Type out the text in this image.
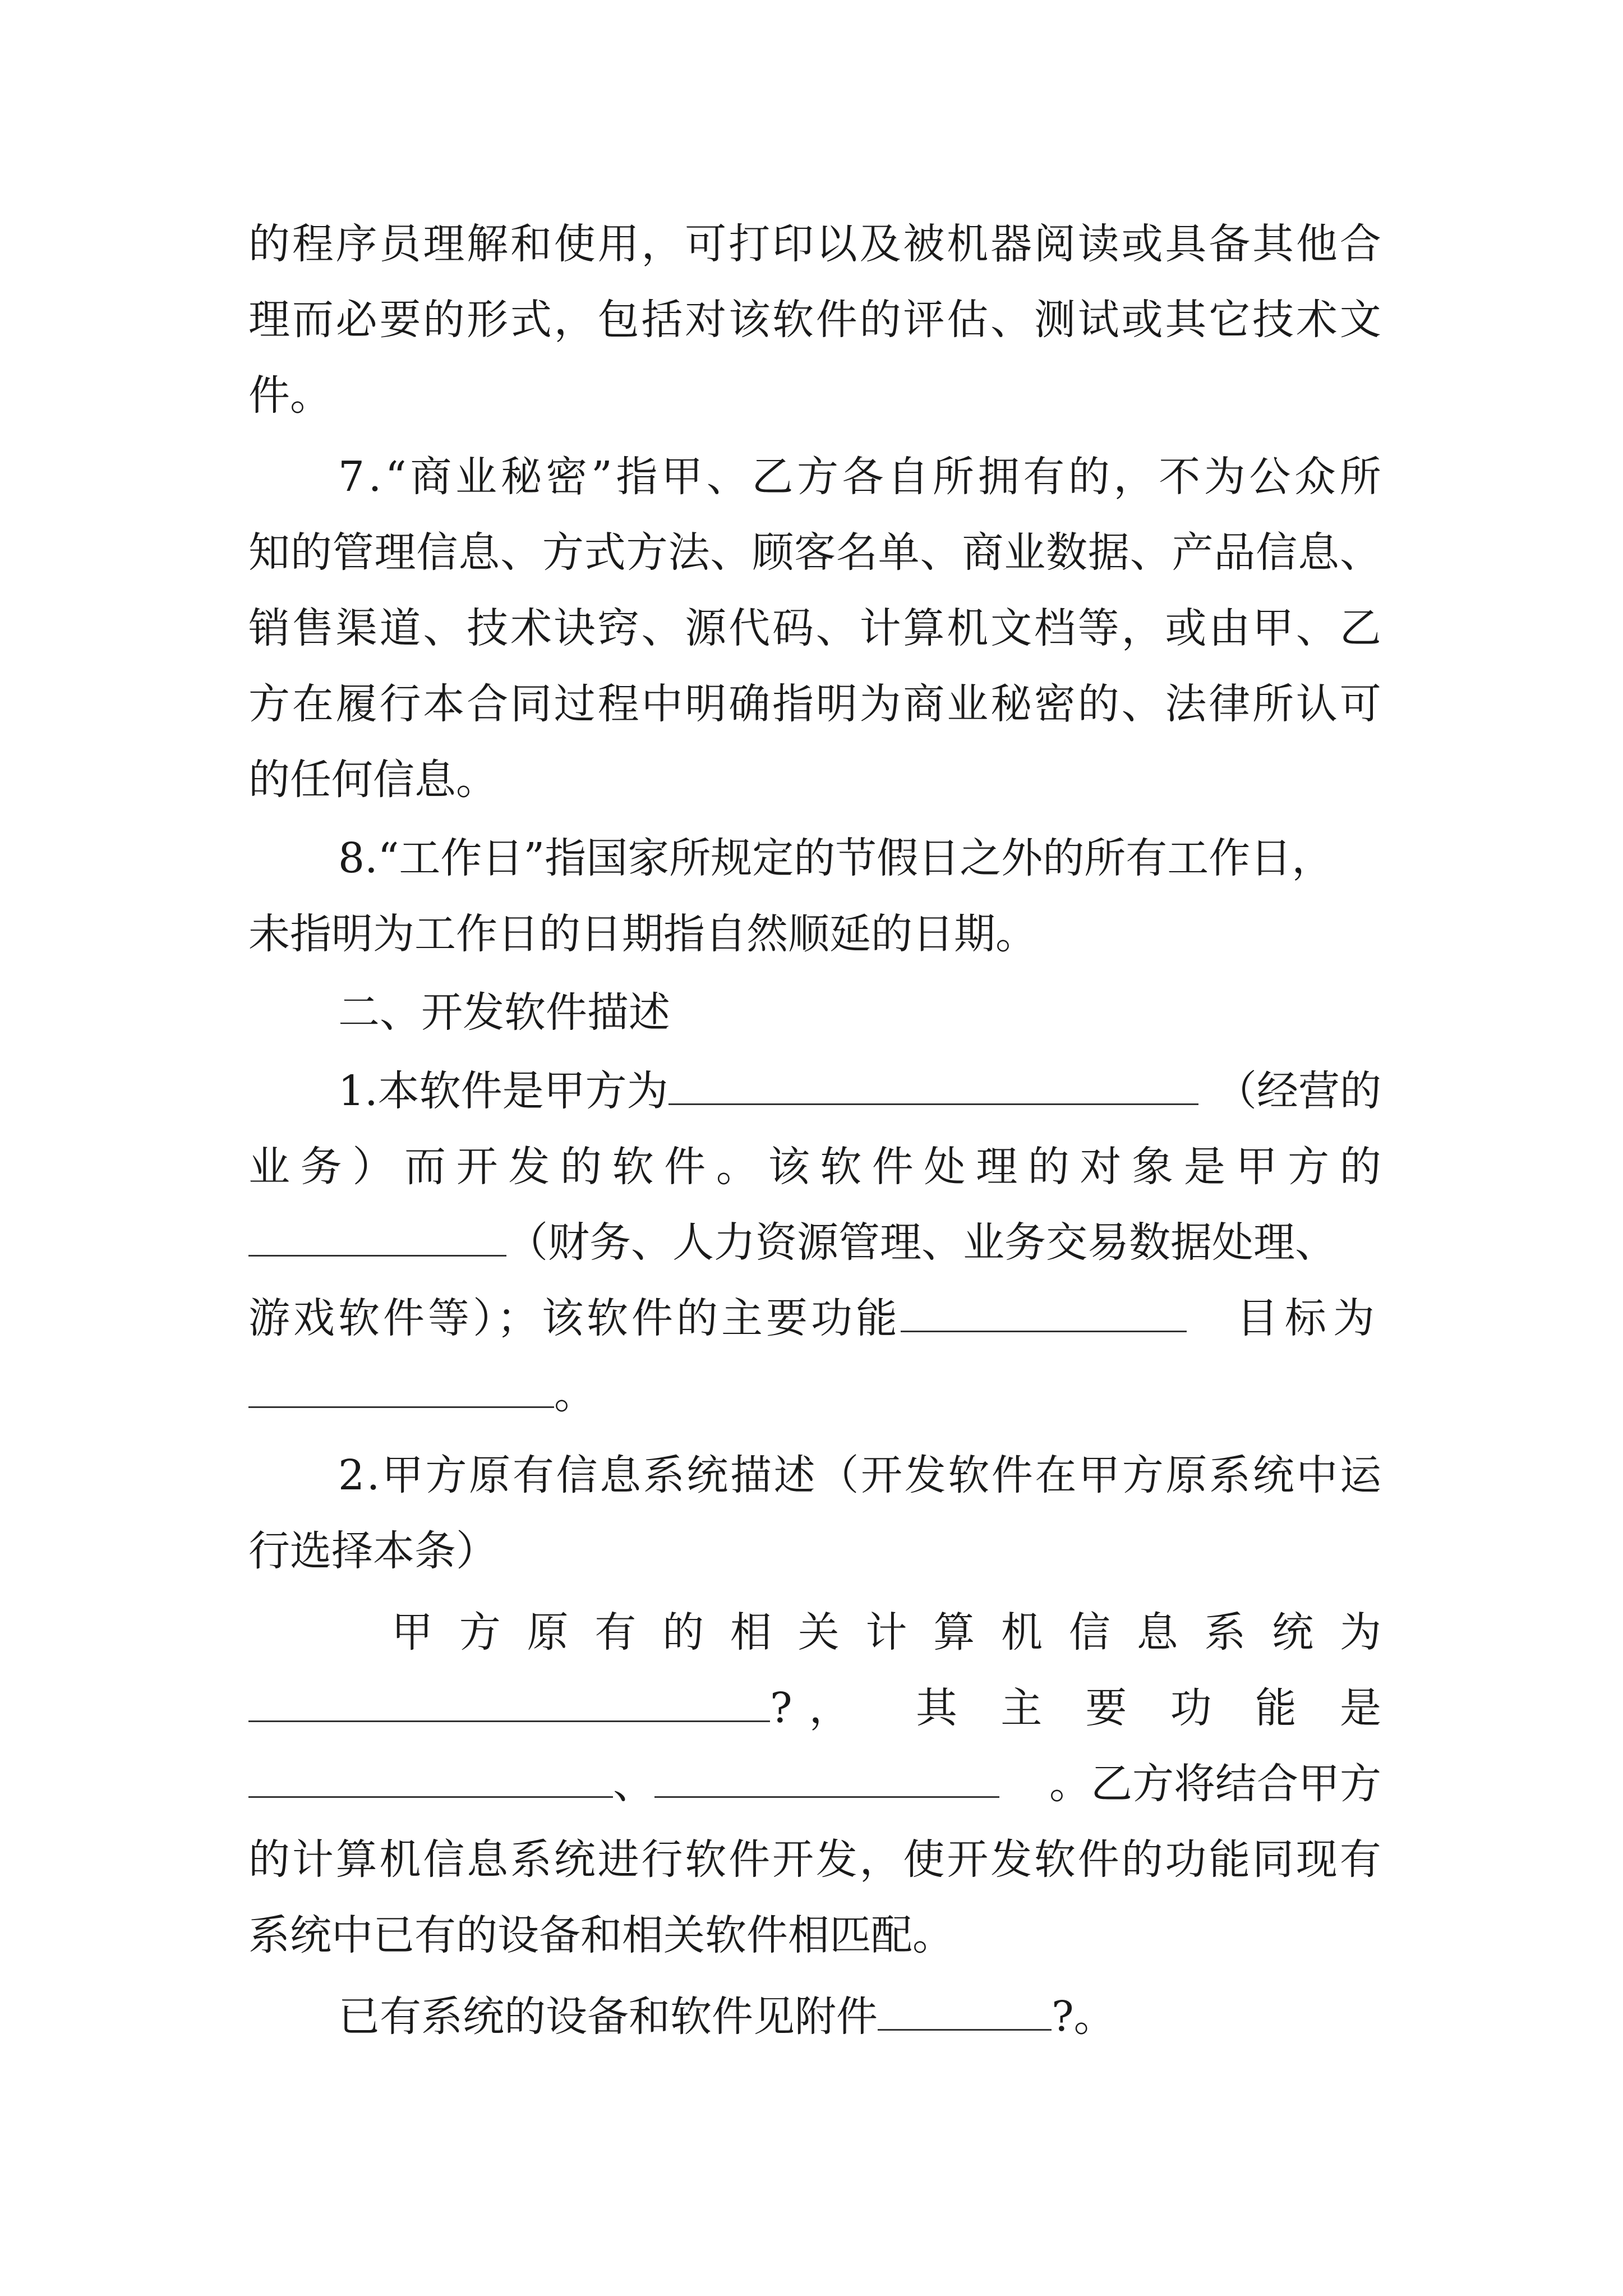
的 程 序 员 理 解 和 使 用 ， 可 打 印 以 及 被 机 器 阅 读 或 具 备 其 他 合
理 而 必 要 的 形 式 ， 包 括 对 该 软 件 的 评 估 、 测 试 或 其 它 技 术 文
件。
7 . “ 商 业 秘 密 ” 指 甲 、 乙 方 各 自 所 拥 有 的 ， 不 为 公 众 所
知 的 管 理 信 息 、 方 式 方 法 、 顾 客 名 单 、 商 业 数 据 、 产 品 信 息 、
销 售 渠 道 、 技 术 诀 窍 、 源 代 码 、 计 算 机 文 档 等 ， 或 由 甲 、 乙
方 在 履 行 本 合 同 过 程 中 明 确 指 明 为 商 业 秘 密 的 、 法 律 所 认 可
的任何信息。
8.“工作日”指国家所规定的节假日之外的所有工作日，
未指明为工作日的日期指自然顺延的日期。
二、开发软件描述
1.本软件是甲方为	（经营的
业 务 ） 而 开 发 的 软 件 。 该 软 件 处 理 的 对 象 是 甲 方 的
（财务、人力资源管理、业务交易数据处理、
游戏软件等）；该软件的主要功能	目标为
。
2 . 甲 方 原 有 信 息 系 统 描 述 （ 开 发 软 件 在 甲 方 原 系 统 中 运
行选择本条）
甲 方 原 有 的 相 关 计 算 机 信 息 系 统 为
?， 其 主 要 功 能 是
、	。乙方将结合甲方
的 计 算 机 信 息 系 统 进 行 软 件 开 发 ， 使 开 发 软 件 的 功 能 同 现 有
系统中已有的设备和相关软件相匹配。
已有系统的设备和软件见附件	?。
